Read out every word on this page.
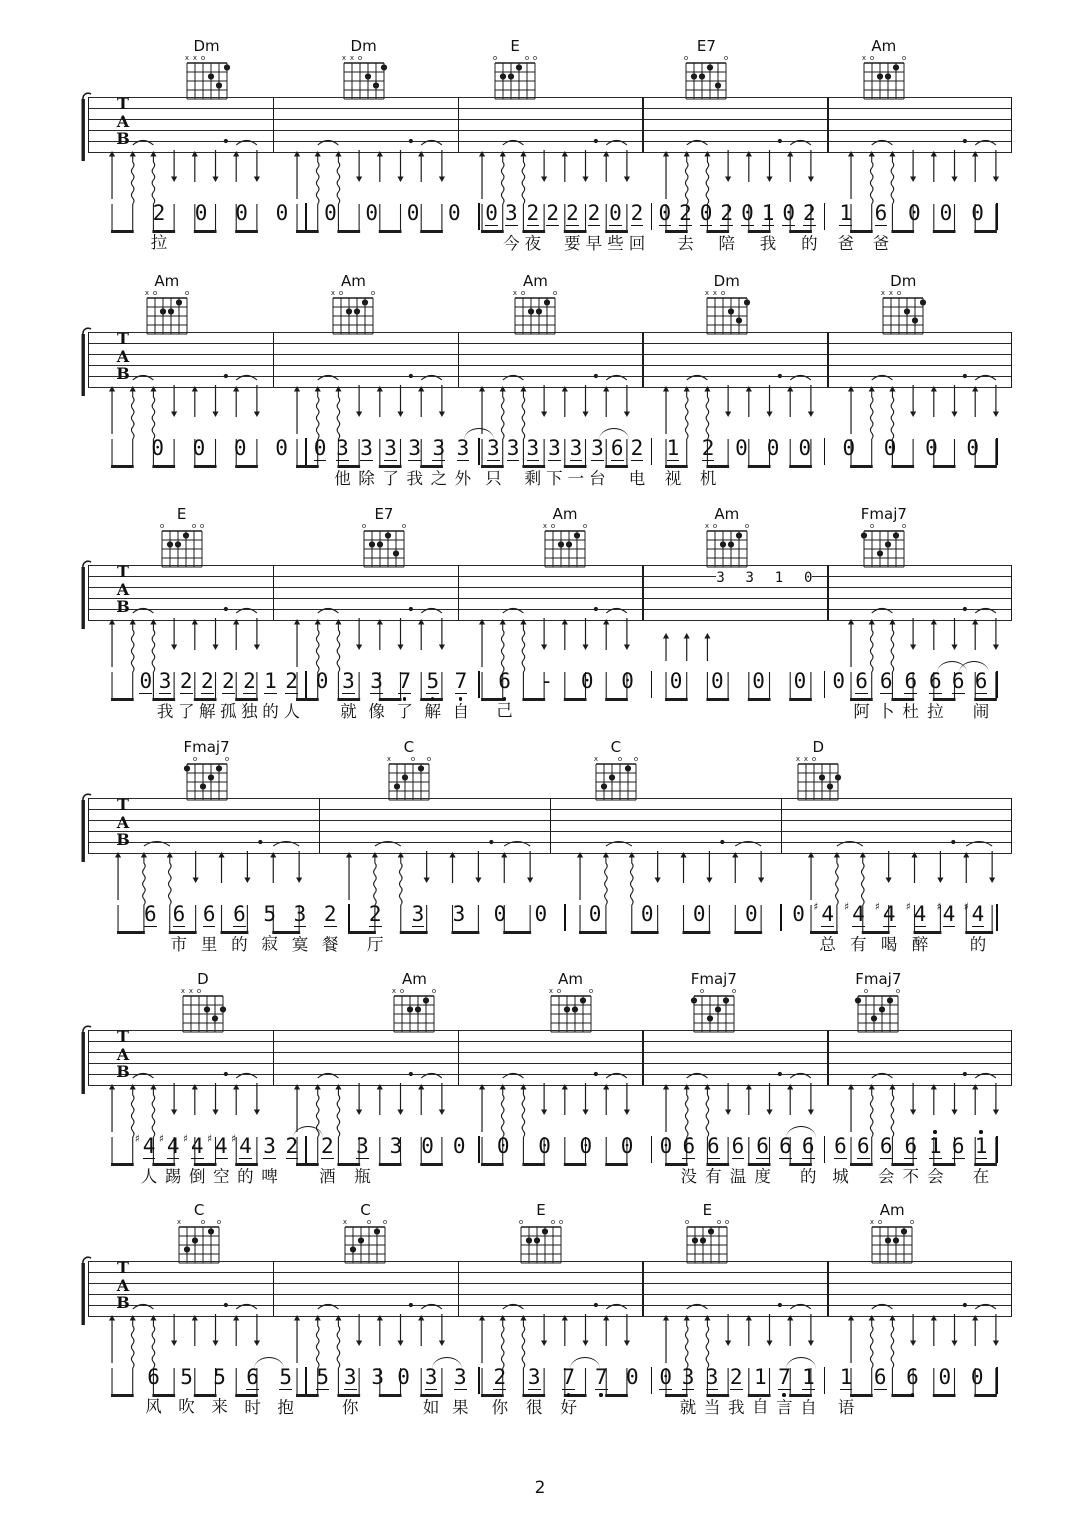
Dm
x x o
Dm
x x o
E
o	o o
E7
o	o
Am
x o	o
T
A
B
2
拉
0
0
0
0
0
0
0
0
3
今
2
夜
2
2
要
2
早
0
些
2
回
0
2
去
0
2
陪
0
1
我
0
2
的
1
爸
6
爸
0
0
0

Am
x o	o
Am
x o	o
Am
x o	o
Dm
x x o
Dm
x x o
T
A
B
0
0
0
0
0
3
他
3
除
3
了
3
我
3
之
3
外
3
只
3
3
剩
3
下
3
一
3
台
6
2
电
1
视
2
机
0
0
0
0
0
0
0

E
o	o o
E7
o	o
Am
x o	o
Am
x o	o
Fmaj7
o	o
T
A
B
3 3 1 0
0
3
我
2
了
2
解
2
孤
2
独
1
的
2
人
0
3
就
3
像
7
了
5
解
7
自
6
己
-
0
0
0
0
0
0
0
6
阿
6
卜
6
杜
6
拉
6
6
闹
Fmaj7
o	o
C
x	o o
C
x	o o
D
x x o
T
A
B
6
6
市
6
里
6
的
5
寂
3
寞
2
餐
2
厅
3
3
0
0
0
0
0
0
0
♯ 4
总
♯ 4
有
♯ 4
喝
♯ 4
醉
♯ 4
♯ 4
的
D
x x o
Am
x o	o
Am
x o	o
Fmaj7
o	o
Fmaj7
o	o
T
A
B
♯ 4
人
♯ 4
踢
♯ 4
倒
♯ 4
空
♯ 4
的
3
啤
2
2
酒
3
瓶
3
0
0
0
0
0
0
0
6
没
6
有
6
温
6
度
6
6
的
6
城
6
6
会
6
不
1
会
6
1
在
C
x	o o
C
x	o o
E
o	o o
E
o	o o
Am
x o	o
T
A
B
6
风
5
吹
5
来
6
时
5
抱
5
3
你
3
0
3
如
3
果
2
你
3
很
7
好
7
0
0
3
就
3
当
2
我
1
自
7
言
1
自
1
语
6
6
0
0

2
